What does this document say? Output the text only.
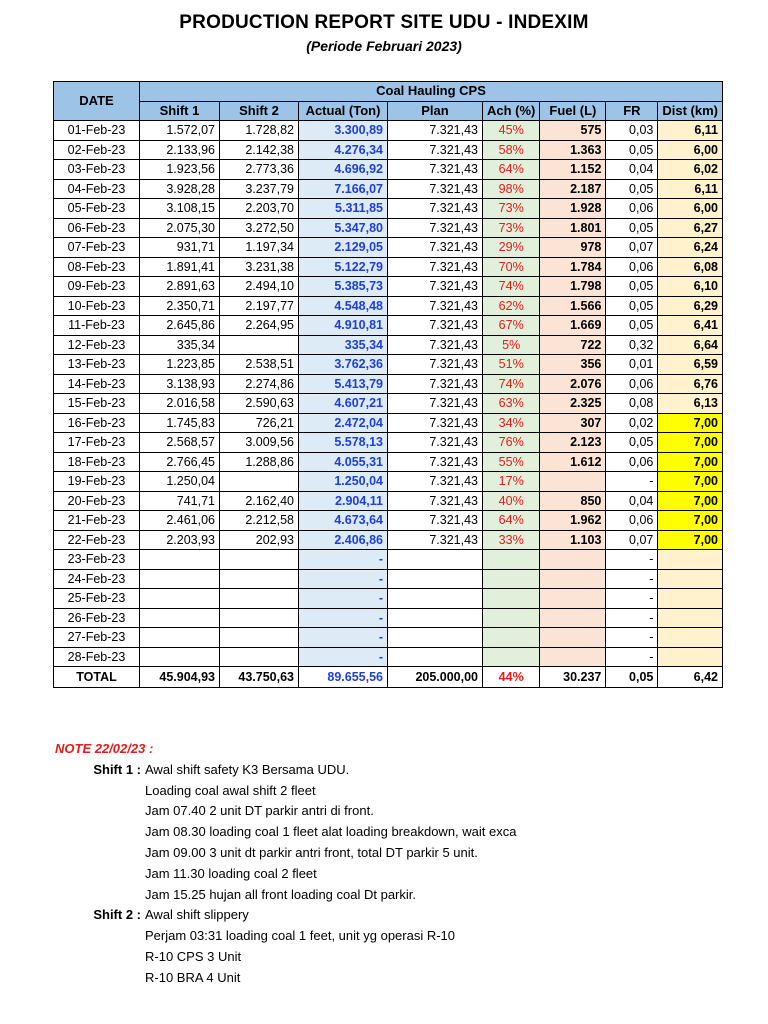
PRODUCTION REPORT SITE UDU - INDEXIM
(Periode Februari 2023)
DATE	Coal Hauling CPS							
	Shift 1	Shift 2	Actual (Ton)	Plan	Ach (%)	Fuel (L)	FR	Dist (km)
01-Feb-23	1.572,07	1.728,82	3.300,89	7.321,43	45%	575	0,03	6,11
02-Feb-23	2.133,96	2.142,38	4.276,34	7.321,43	58%	1.363	0,05	6,00
03-Feb-23	1.923,56	2.773,36	4.696,92	7.321,43	64%	1.152	0,04	6,02
04-Feb-23	3.928,28	3.237,79	7.166,07	7.321,43	98%	2.187	0,05	6,11
05-Feb-23	3.108,15	2.203,70	5.311,85	7.321,43	73%	1.928	0,06	6,00
06-Feb-23	2.075,30	3.272,50	5.347,80	7.321,43	73%	1.801	0,05	6,27
07-Feb-23	931,71	1.197,34	2.129,05	7.321,43	29%	978	0,07	6,24
08-Feb-23	1.891,41	3.231,38	5.122,79	7.321,43	70%	1.784	0,06	6,08
09-Feb-23	2.891,63	2.494,10	5.385,73	7.321,43	74%	1.798	0,05	6,10
10-Feb-23	2.350,71	2.197,77	4.548,48	7.321,43	62%	1.566	0,05	6,29
11-Feb-23	2.645,86	2.264,95	4.910,81	7.321,43	67%	1.669	0,05	6,41
12-Feb-23	335,34		335,34	7.321,43	5%	722	0,32	6,64
13-Feb-23	1.223,85	2.538,51	3.762,36	7.321,43	51%	356	0,01	6,59
14-Feb-23	3.138,93	2.274,86	5.413,79	7.321,43	74%	2.076	0,06	6,76
15-Feb-23	2.016,58	2.590,63	4.607,21	7.321,43	63%	2.325	0,08	6,13
16-Feb-23	1.745,83	726,21	2.472,04	7.321,43	34%	307	0,02	7,00
17-Feb-23	2.568,57	3.009,56	5.578,13	7.321,43	76%	2.123	0,05	7,00
18-Feb-23	2.766,45	1.288,86	4.055,31	7.321,43	55%	1.612	0,06	7,00
19-Feb-23	1.250,04		1.250,04	7.321,43	17%		-	7,00
20-Feb-23	741,71	2.162,40	2.904,11	7.321,43	40%	850	0,04	7,00
21-Feb-23	2.461,06	2.212,58	4.673,64	7.321,43	64%	1.962	0,06	7,00
22-Feb-23	2.203,93	202,93	2.406,86	7.321,43	33%	1.103	0,07	7,00
23-Feb-23			-				-	
24-Feb-23			-				-	
25-Feb-23			-				-	
26-Feb-23			-				-	
27-Feb-23			-				-	
28-Feb-23			-				-	
TOTAL	45.904,93	43.750,63	89.655,56	205.000,00	44%	30.237	0,05	6,42
NOTE 22/02/23 :
Shift 1 : Awal shift safety K3 Bersama UDU.
Loading coal awal shift 2 fleet
Jam 07.40 2 unit DT parkir antri di front.
Jam 08.30 loading coal 1 fleet alat loading breakdown, wait exca
Jam 09.00 3 unit dt parkir antri front, total DT parkir 5 unit.
Jam 11.30 loading coal 2 fleet
Jam 15.25 hujan all front loading coal Dt parkir.
Shift 2 : Awal shift slippery
Perjam 03:31 loading coal 1 feet, unit yg operasi R-10
R-10 CPS 3 Unit
R-10 BRA 4 Unit
